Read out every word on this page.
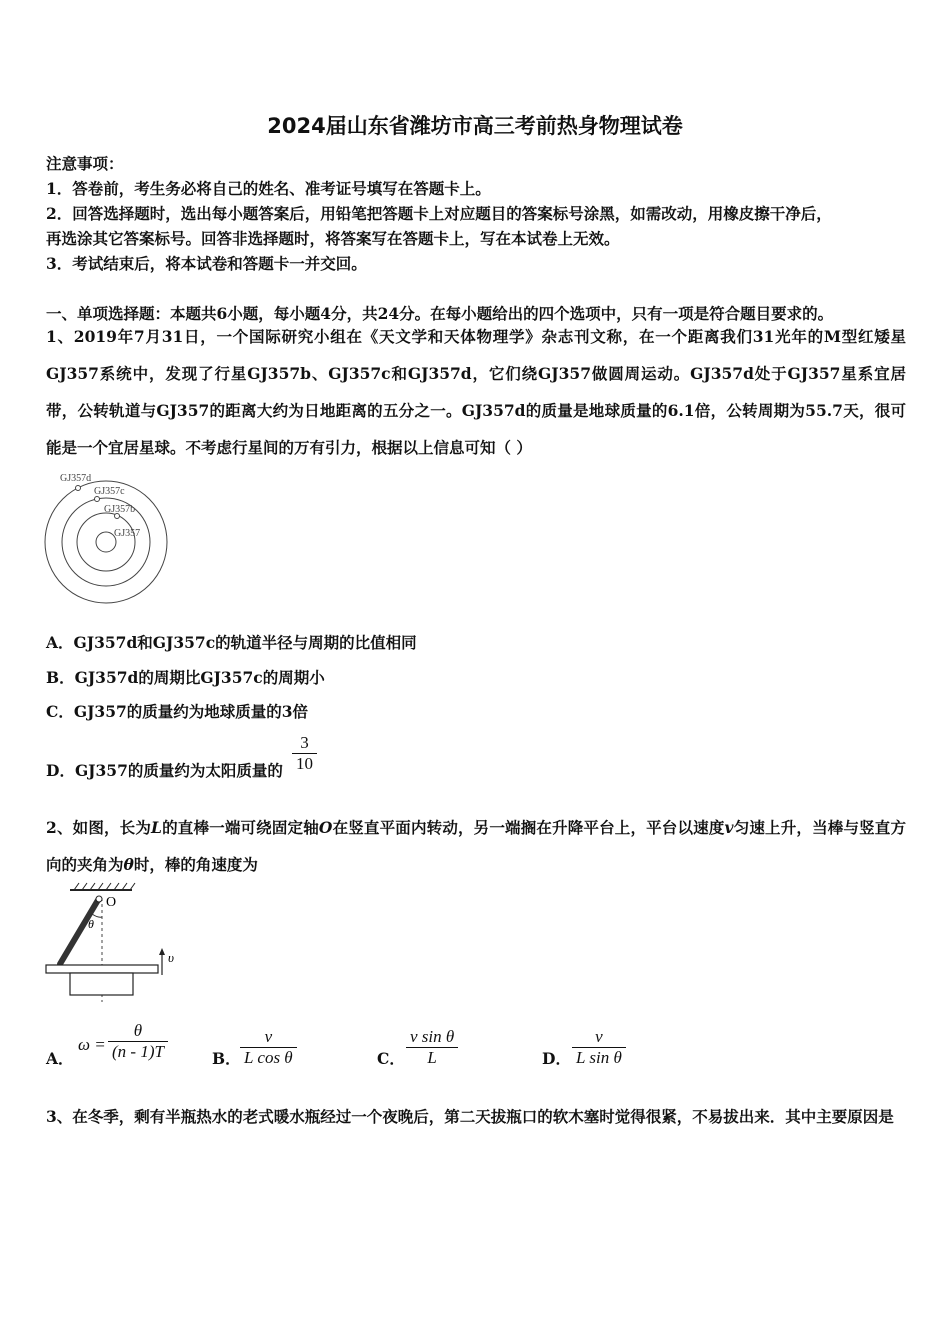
2024届山东省潍坊市高三考前热身物理试卷
注意事项：
1．答卷前，考生务必将自己的姓名、准考证号填写在答题卡上。
2．回答选择题时，选出每小题答案后，用铅笔把答题卡上对应题目的答案标号涂黑，如需改动，用橡皮擦干净后，
再选涂其它答案标号。回答非选择题时，将答案写在答题卡上，写在本试卷上无效。
3．考试结束后，将本试卷和答题卡一并交回。
一、单项选择题：本题共6小题，每小题4分，共24分。在每小题给出的四个选项中，只有一项是符合题目要求的。
1、2019年7月31日，一个国际研究小组在《天文学和天体物理学》杂志刊文称，在一个距离我们31光年的M型红矮星GJ357系统中，发现了行星GJ357b、GJ357c和GJ357d，它们绕GJ357做圆周运动。GJ357d处于GJ357星系宜居带，公转轨道与GJ357的距离大约为日地距离的五分之一。GJ357d的质量是地球质量的6.1倍，公转周期为55.7天，很可能是一个宜居星球。不考虑行星间的万有引力，根据以上信息可知（ ）
GJ357d
GJ357c
GJ357b
GJ357
A．GJ357d和GJ357c的轨道半径与周期的比值相同
B．GJ357d的周期比GJ357c的周期小
C．GJ357的质量约为地球质量的3倍
D．GJ357的质量约为太阳质量的 $\frac{3}{10}$
2、如图，长为L的直棒一端可绕固定轴O在竖直平面内转动，另一端搁在升降平台上，平台以速度v匀速上升，当棒与竖直方向的夹角为θ时，棒的角速度为
O
θ
υ
A．
$\omega = \frac{\theta}{(n - 1)T}$	B． $\frac{v}{\text{L cos θ}}$	C． $\frac{\text{v sin θ}}{L}$	D． $\frac{v}{\text{L sin θ}}$
3、在冬季，剩有半瓶热水的老式暖水瓶经过一个夜晚后，第二天拔瓶口的软木塞时觉得很紧，不易拔出来．其中主要原因是
